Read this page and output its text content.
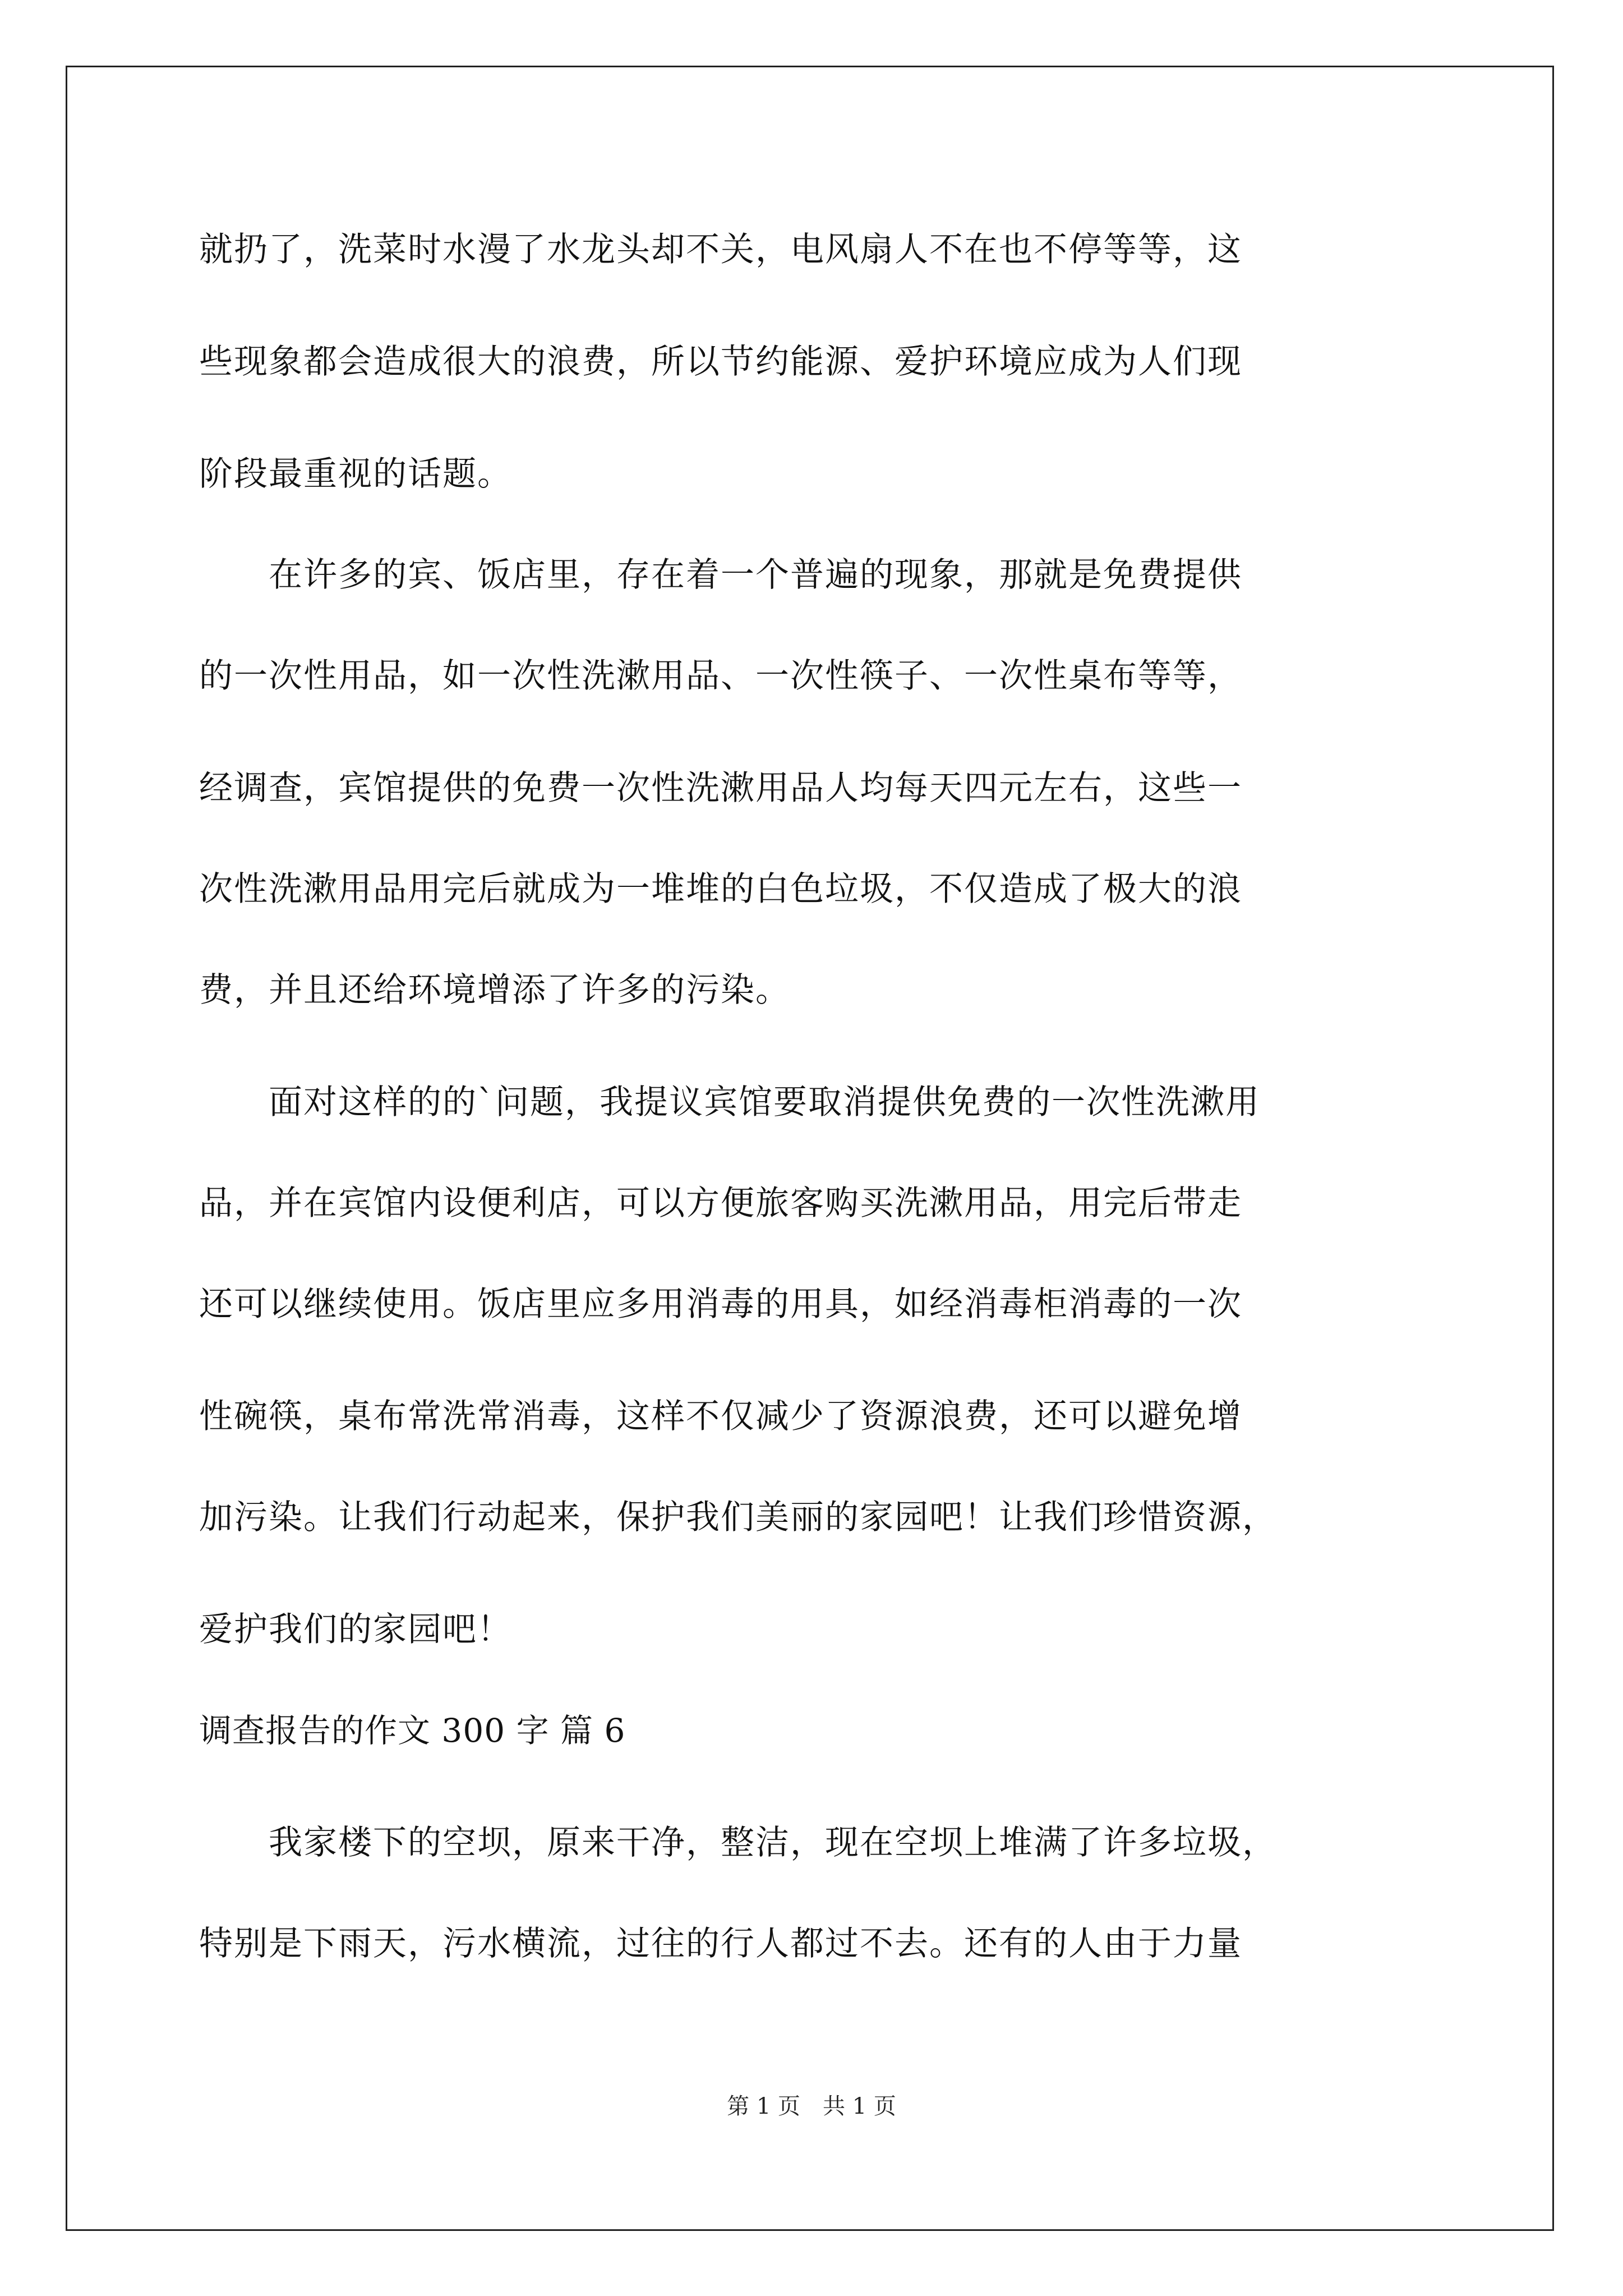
就扔了，洗菜时水漫了水龙头却不关，电风扇人不在也不停等等，这
些现象都会造成很大的浪费，所以节约能源、爱护环境应成为人们现
阶段最重视的话题。
　　在许多的宾、饭店里，存在着一个普遍的现象，那就是免费提供
的一次性用品，如一次性洗漱用品、一次性筷子、一次性桌布等等，
经调查，宾馆提供的免费一次性洗漱用品人均每天四元左右，这些一
次性洗漱用品用完后就成为一堆堆的白色垃圾，不仅造成了极大的浪
费，并且还给环境增添了许多的污染。
　　面对这样的的`问题，我提议宾馆要取消提供免费的一次性洗漱用
品，并在宾馆内设便利店，可以方便旅客购买洗漱用品，用完后带走
还可以继续使用。饭店里应多用消毒的用具，如经消毒柜消毒的一次
性碗筷，桌布常洗常消毒，这样不仅减少了资源浪费，还可以避免增
加污染。让我们行动起来，保护我们美丽的家园吧！让我们珍惜资源，
爱护我们的家园吧！
调查报告的作文 300 字 篇 6
　　我家楼下的空坝，原来干净，整洁，现在空坝上堆满了许多垃圾，
特别是下雨天，污水横流，过往的行人都过不去。还有的人由于力量
第 1 页　共 1 页
